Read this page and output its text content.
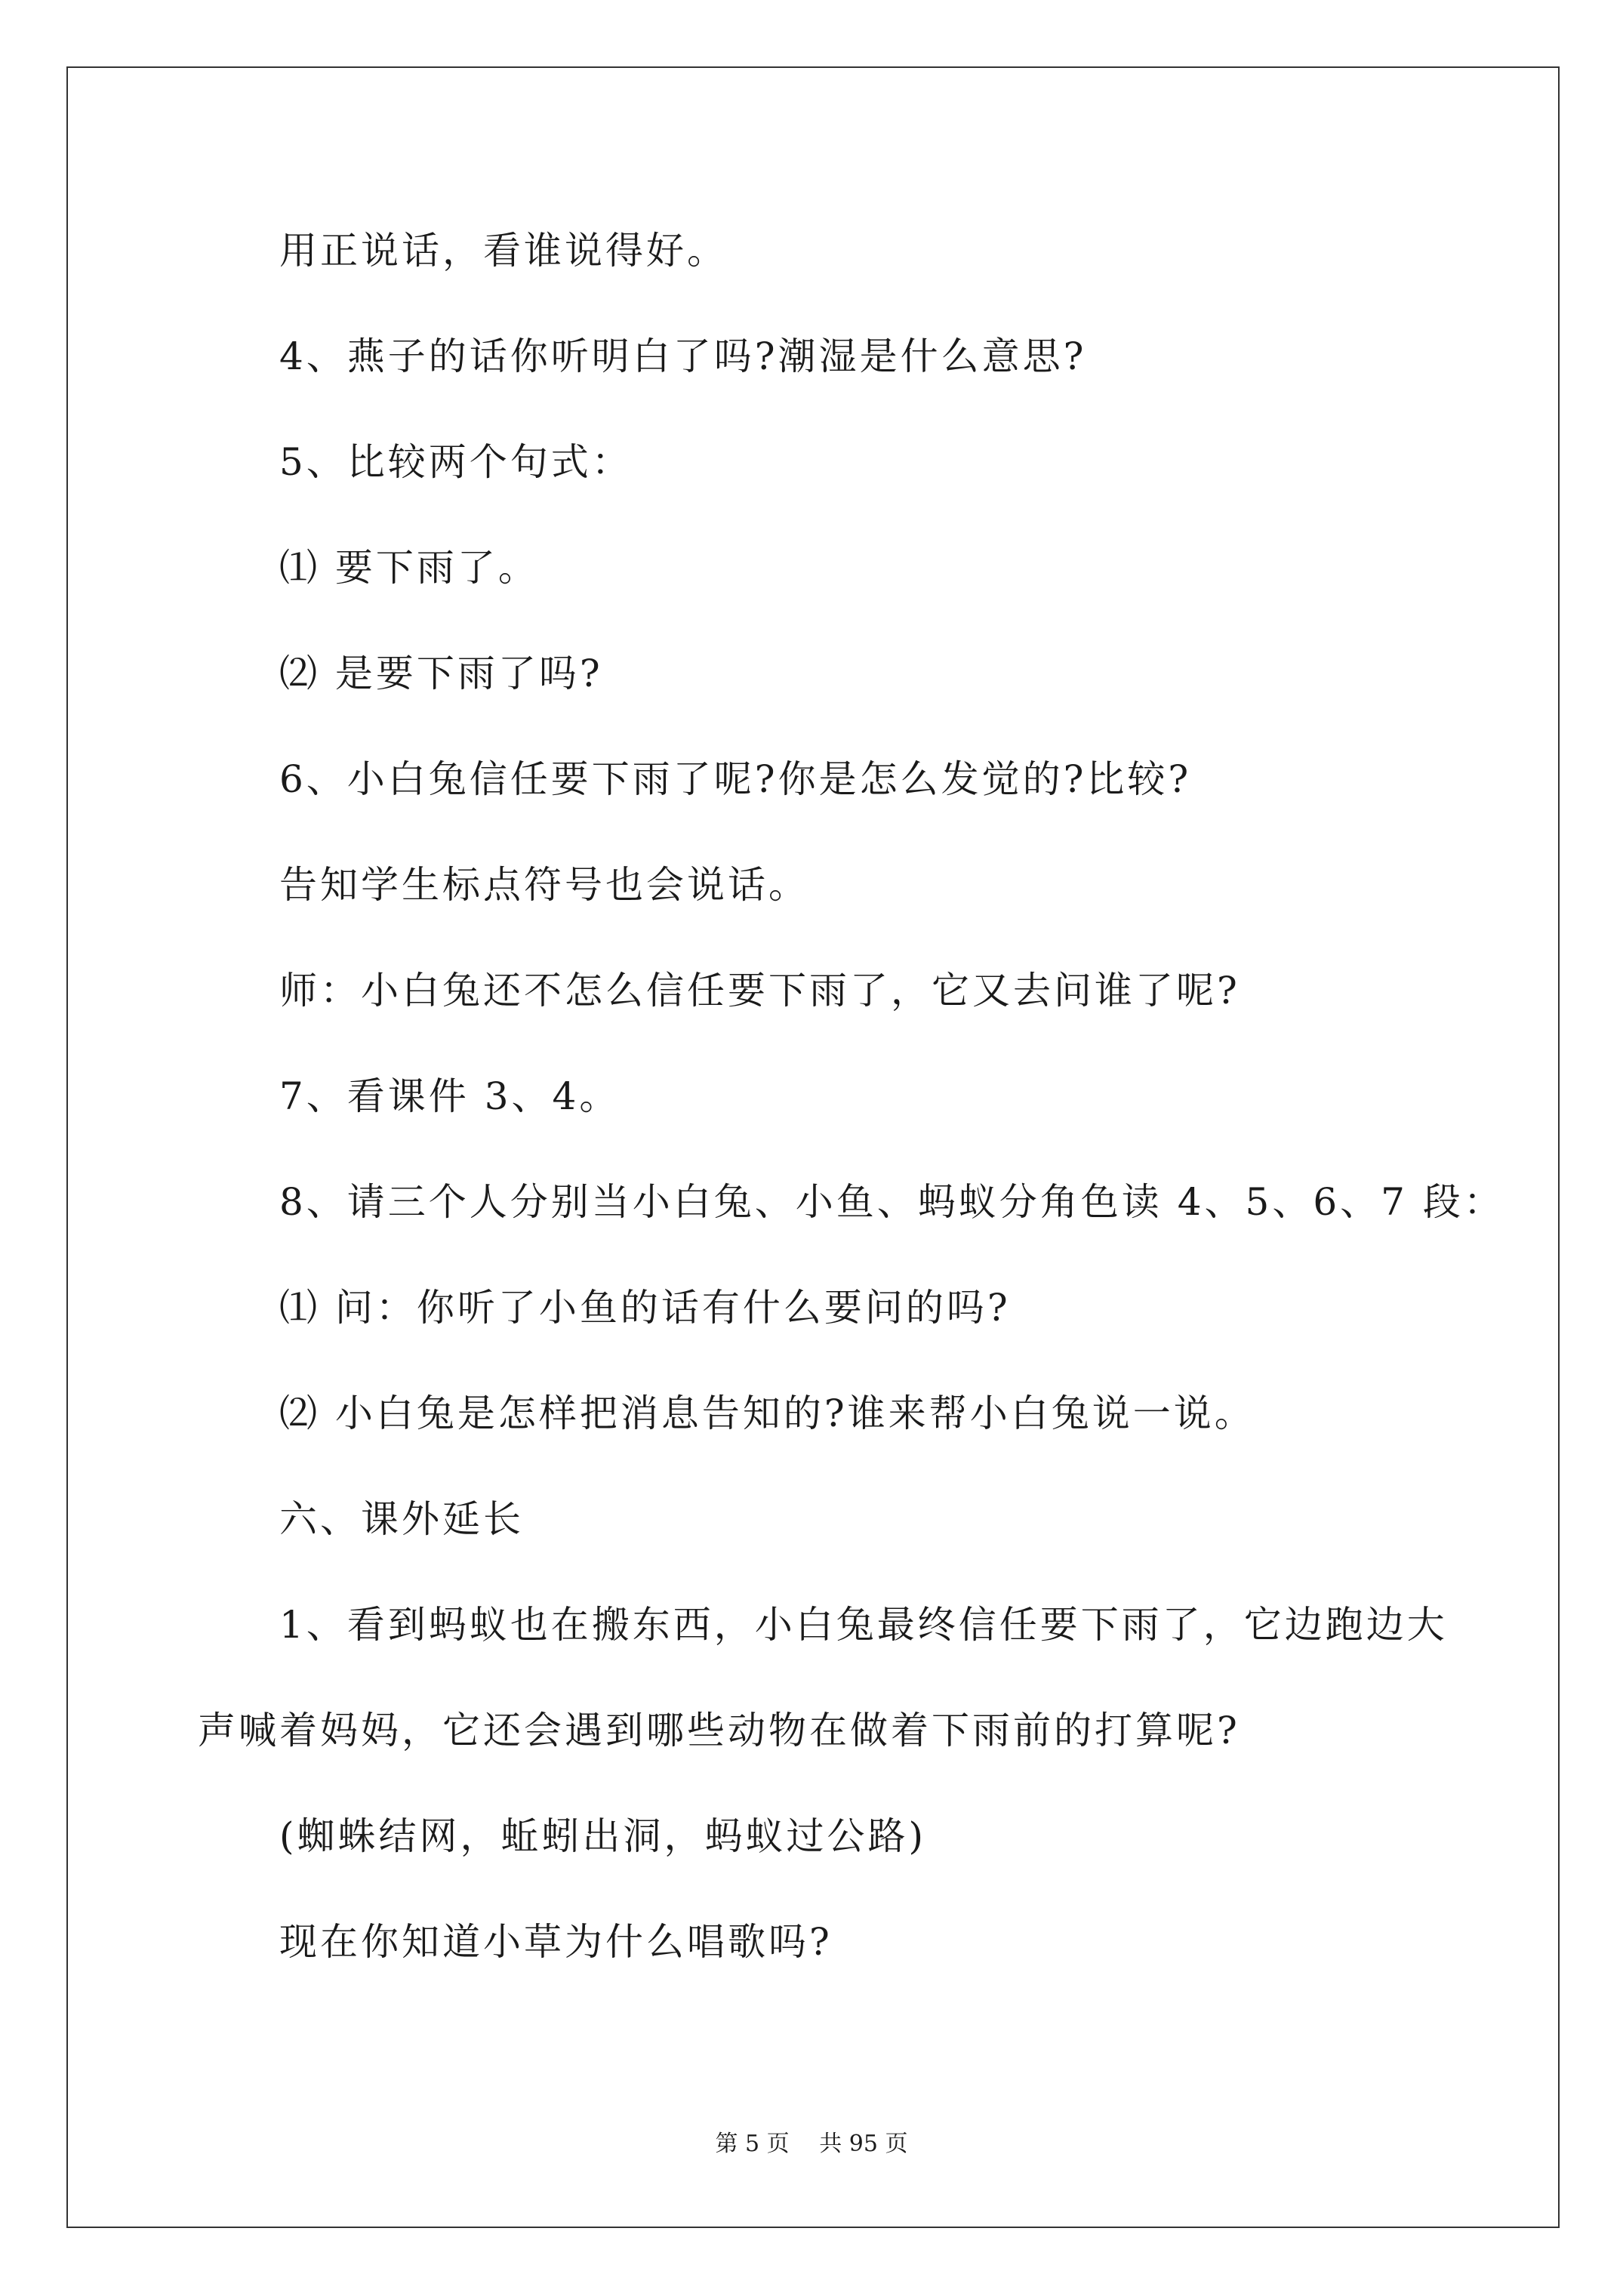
用正说话，看谁说得好。
4、燕子的话你听明白了吗?潮湿是什么意思?
5、比较两个句式：
⑴ 要下雨了。
⑵ 是要下雨了吗?
6、小白兔信任要下雨了呢?你是怎么发觉的?比较?
告知学生标点符号也会说话。
师：小白兔还不怎么信任要下雨了，它又去问谁了呢?
7、看课件 3、4。
8、请三个人分别当小白兔、小鱼、蚂蚁分角色读 4、5、6、7 段：
⑴ 问：你听了小鱼的话有什么要问的吗?
⑵ 小白兔是怎样把消息告知的?谁来帮小白兔说一说。
六、课外延长
1、看到蚂蚁也在搬东西，小白兔最终信任要下雨了，它边跑边大
声喊着妈妈，它还会遇到哪些动物在做着下雨前的打算呢?
(蜘蛛结网，蚯蚓出洞，蚂蚁过公路)
现在你知道小草为什么唱歌吗?
第 5 页　 共 95 页
